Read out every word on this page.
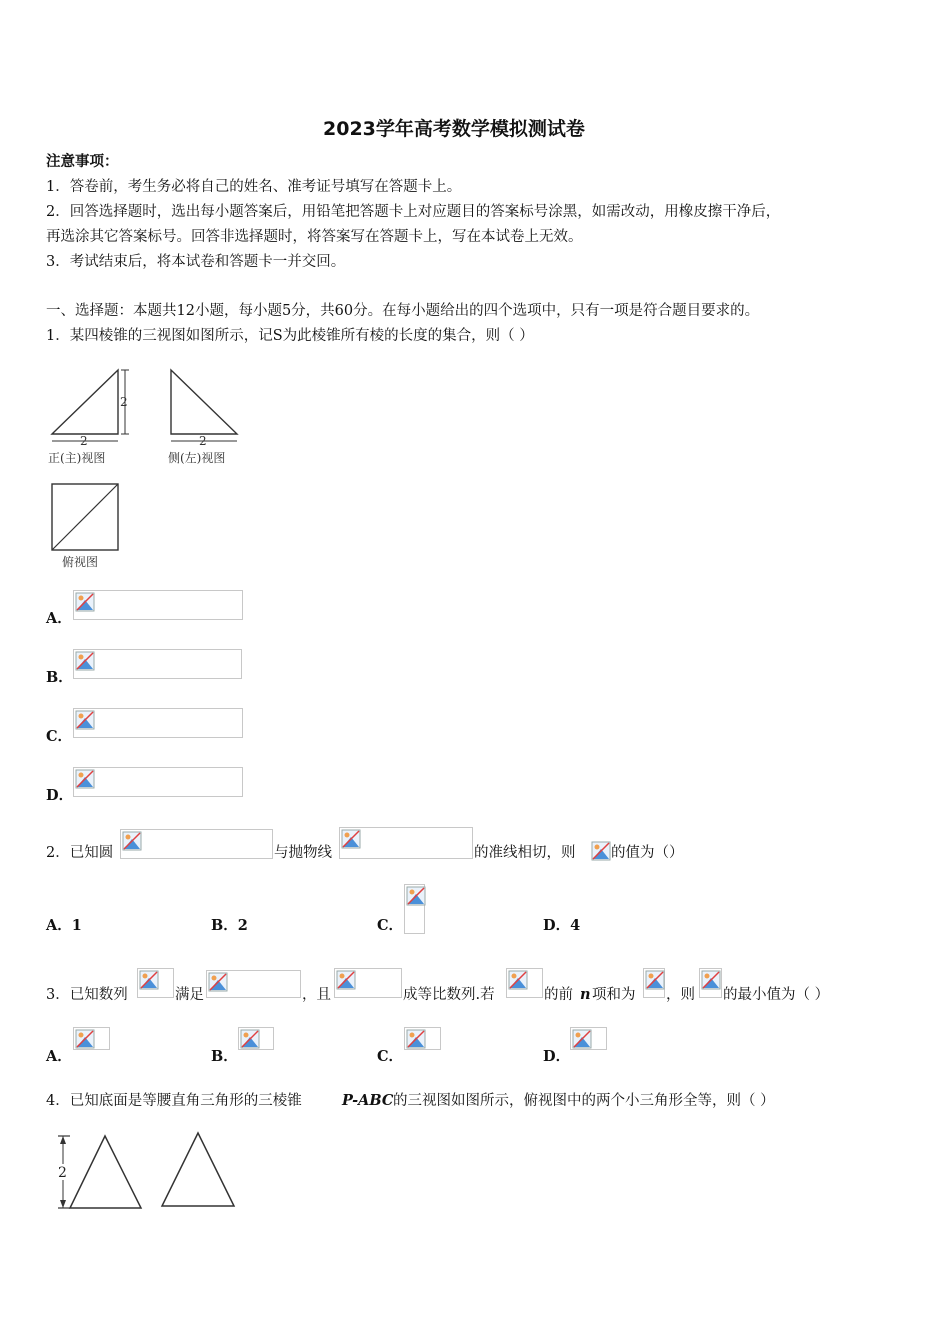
2023学年高考数学模拟测试卷
注意事项：
1．答卷前，考生务必将自己的姓名、准考证号填写在答题卡上。
2．回答选择题时，选出每小题答案后，用铅笔把答题卡上对应题目的答案标号涂黑，如需改动，用橡皮擦干净后，
再选涂其它答案标号。回答非选择题时，将答案写在答题卡上，写在本试卷上无效。
3．考试结束后，将本试卷和答题卡一并交回。
一、选择题：本题共12小题，每小题5分，共60分。在每小题给出的四个选项中，只有一项是符合题目要求的。
1．某四棱锥的三视图如图所示，记S为此棱锥所有棱的长度的集合，则（ ）
2
2	2
正(主)视图	侧(左)视图
俯视图
A．
B．
C．
D．
2．已知圆	与抛物线	的准线相切，则 的值为（）
A．1	B．2	C．	D．4
3．已知数列	满足	，且	成等比数列.若	的前 n 项和为 ，则 的最小值为（ ）
A．	B．	C．	D．
4．已知底面是等腰直角三角形的三棱锥	P-ABC 的三视图如图所示，俯视图中的两个小三角形全等，则（ ）
2
